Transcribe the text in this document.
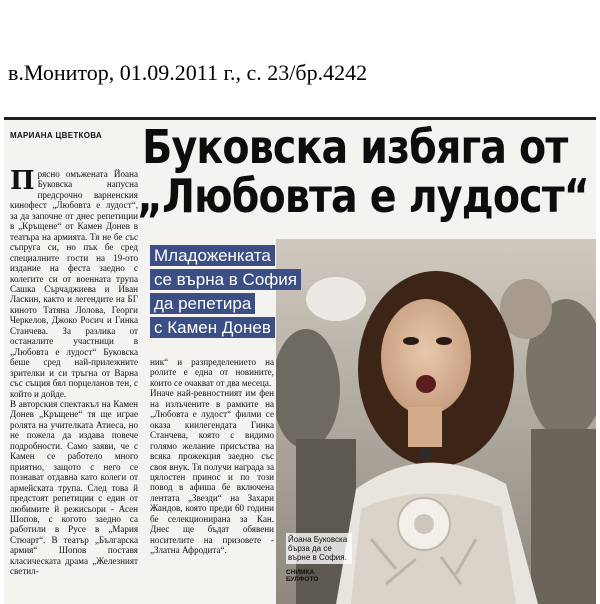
в.Монитор, 01.09.2011 г., с. 23/бр.4242
МАРИАНА ЦВЕТКОВА Буковска избяга от
„Любовта е лудост“
Младоженката
се върна в София
да репетира
с Камен Донев
Прясно омъжената Йоана Буковска напусна предсрочно варненския кинофест „Любовта е лудост“, за да започне от днес репетиции в „Кръщене“ от Камен Донев в театъра на армията. Тя не бе със съпруга си, но пък бе сред специалните гости на 19-ото издание на феста заедно с колегите си от военната трупа Сашка Сърчаджиева и Иван Ласкин, както и легендите на БГ киното Татяна Лолова, Георги Черкелов, Джоко Росич и Гинка Станчева. За разлика от останалите участници в „Любовта е лудост“ Буковска беше сред най-прилежните зрителки и си тръгна от Варна със същия бял порцеланов тен, с който и дойде.
В авторския спектакъл на Камен Донев „Кръщене“ тя ще играе ролята на учителката Атиеса, но не пожела да издава повече подробности. Само заяви, че с Камен се работело много приятно, защото с него се познават отдавна като колеги от армейската трупа. След това й предстоят репетиции с един от любимите й режисьори - Асен Шопов, с когото заедно са работили в Русе в „Мария Стюарт“. В театър „Българска армия“ Шопов поставя класическата драма „Железният светил-
ник“ и разпределението на ролите е една от новините, които се очакват от два месеца.
Иначе най-ревностният им фен на излъчените в рамките на „Любовта е лудост“ филми се оказа киилегендата Гинка Станчева, която с видимо голямо желание присъства на всяка прожекция заедно със своя внук. Тя получи награда за цялостен принос и по този повод в афиша бе включена лентата „Звезди“ на Захари Жандов, която преди 60 години бе селекционирана за Кан. Днес ще бъдат обявени носителите на призовете - „Златна Афродита“.
Йоана Буковска бърза да се върне в София.
СНИМКА БУЛФОТО
